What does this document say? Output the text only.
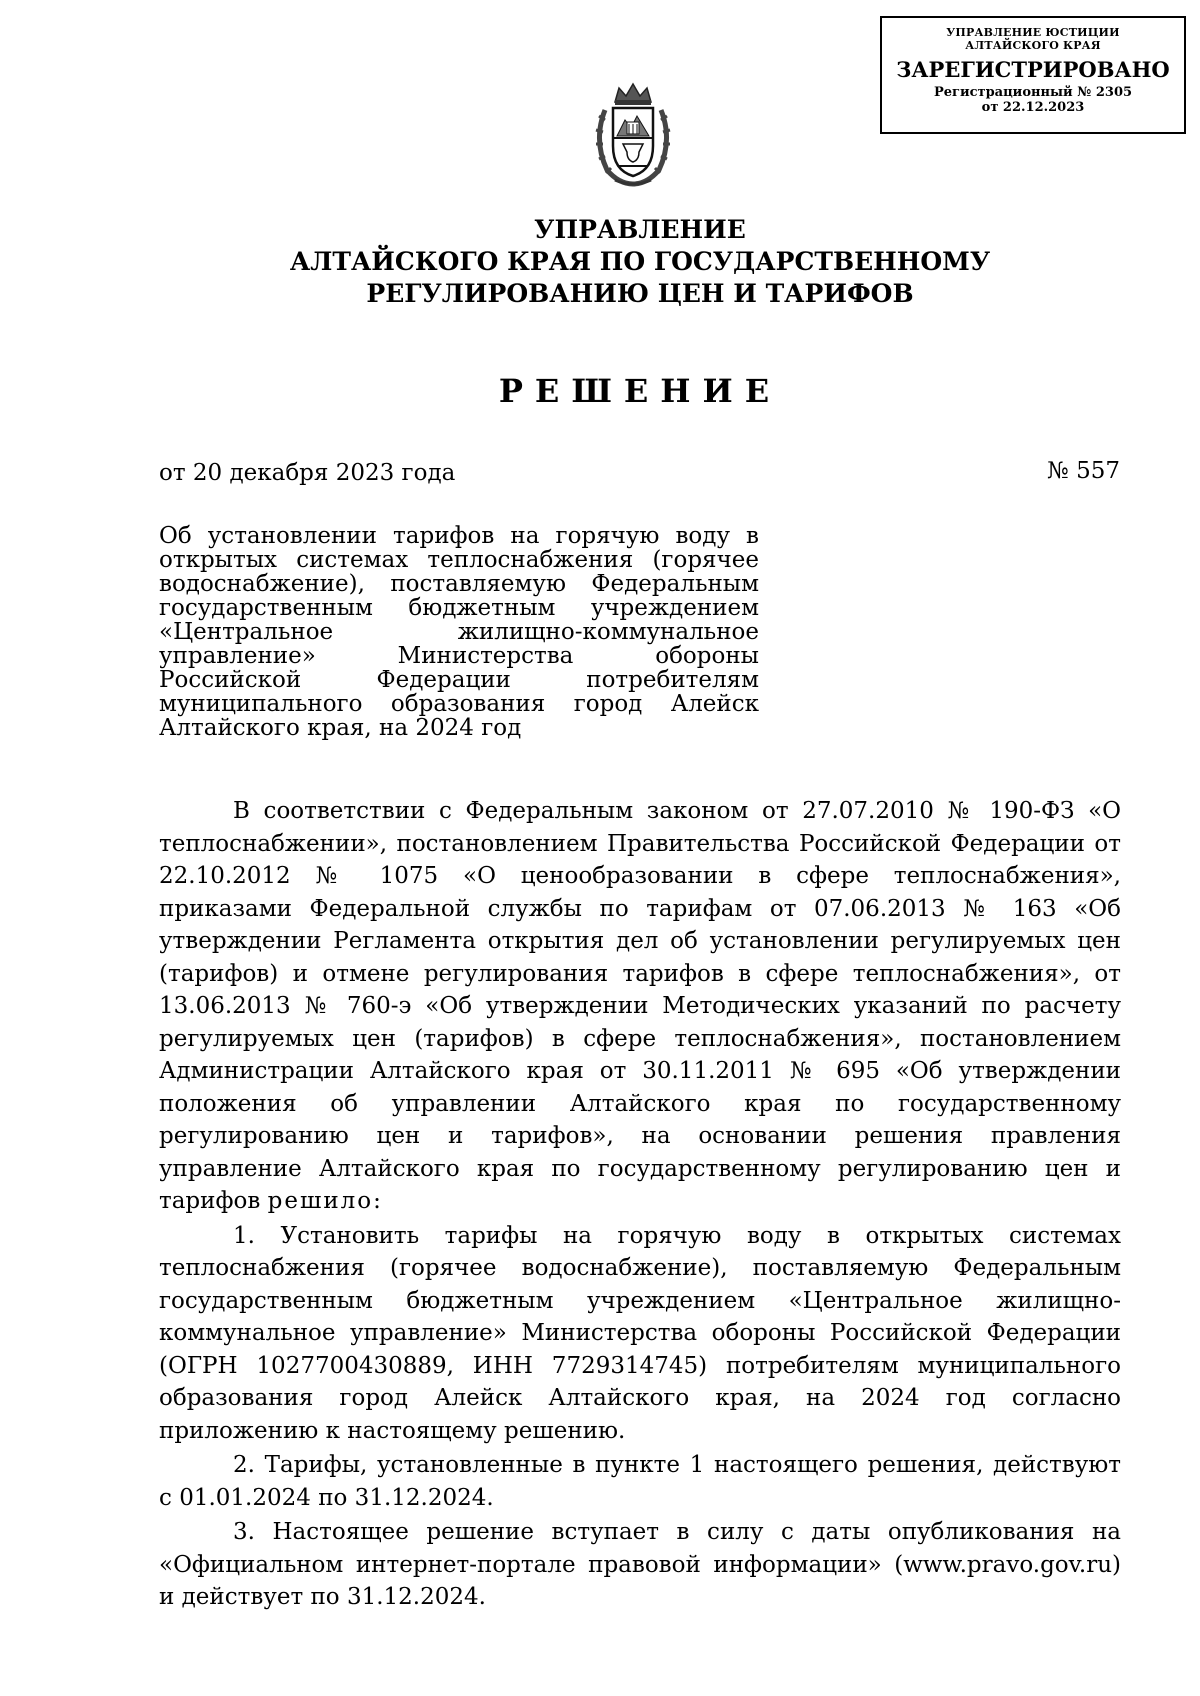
УПРАВЛЕНИЕ ЮСТИЦИИ
АЛТАЙСКОГО КРАЯ
ЗАРЕГИСТРИРОВАНО
Регистрационный № 2305
от 22.12.2023
УПРАВЛЕНИЕ
АЛТАЙСКОГО КРАЯ ПО ГОСУДАРСТВЕННОМУ
РЕГУЛИРОВАНИЮ ЦЕН И ТАРИФОВ
РЕШЕНИЕ
от 20 декабря 2023 года	№ 557
Об установлении тарифов на горячую воду в открытых системах теплоснабжения (горячее водоснабжение), поставляемую Федеральным государственным бюджетным учреждением «Центральное жилищно-коммунальное управление» Министерства обороны Российской Федерации потребителям муниципального образования город Алейск Алтайского края, на 2024 год

В соответствии с Федеральным законом от 27.07.2010 № 190-ФЗ «О теплоснабжении», постановлением Правительства Российской Федерации от 22.10.2012 № 1075 «О ценообразовании в сфере теплоснабжения», приказами Федеральной службы по тарифам от 07.06.2013 № 163 «Об утверждении Регламента открытия дел об установлении регулируемых цен (тарифов) и отмене регулирования тарифов в сфере теплоснабжения», от 13.06.2013 № 760-э «Об утверждении Методических указаний по расчету регулируемых цен (тарифов) в сфере теплоснабжения», постановлением Администрации Алтайского края от 30.11.2011 № 695 «Об утверждении положения об управлении Алтайского края по государственному регулированию цен и тарифов», на основании решения правления управление Алтайского края по государственному регулированию цен и тарифов решило:

1. Установить тарифы на горячую воду в открытых системах теплоснабжения (горячее водоснабжение), поставляемую Федеральным государственным бюджетным учреждением «Центральное жилищно-коммунальное управление» Министерства обороны Российской Федерации (ОГРН 1027700430889, ИНН 7729314745) потребителям муниципального образования город Алейск Алтайского края, на 2024 год согласно приложению к настоящему решению.

2. Тарифы, установленные в пункте 1 настоящего решения, действуют с 01.01.2024 по 31.12.2024.

3. Настоящее решение вступает в силу с даты опубликования на «Официальном интернет-портале правовой информации» (www.pravo.gov.ru) и действует по 31.12.2024.
